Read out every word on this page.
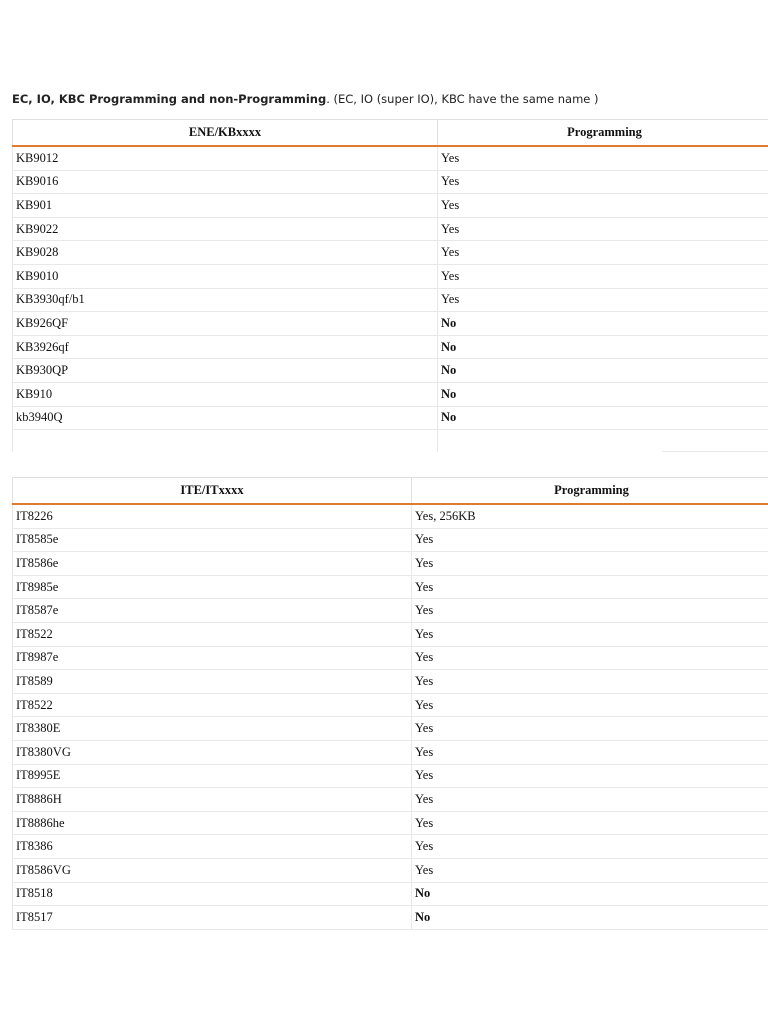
EC, IO, KBC Programming and non-Programming. (EC, IO (super IO), KBC have the same name )
ENE/KBxxxx	Programming
KB9012	Yes
KB9016	Yes
KB901	Yes
KB9022	Yes
KB9028	Yes
KB9010	Yes
KB3930qf/b1	Yes
KB926QF	No
KB3926qf	No
KB930QP	No
KB910	No
kb3940Q	No

ITE/ITxxxx	Programming
IT8226	Yes, 256KB
IT8585e	Yes
IT8586e	Yes
IT8985e	Yes
IT8587e	Yes
IT8522	Yes
IT8987e	Yes
IT8589	Yes
IT8522	Yes
IT8380E	Yes
IT8380VG	Yes
IT8995E	Yes
IT8886H	Yes
IT8886he	Yes
IT8386	Yes
IT8586VG	Yes
IT8518	No
IT8517	No
